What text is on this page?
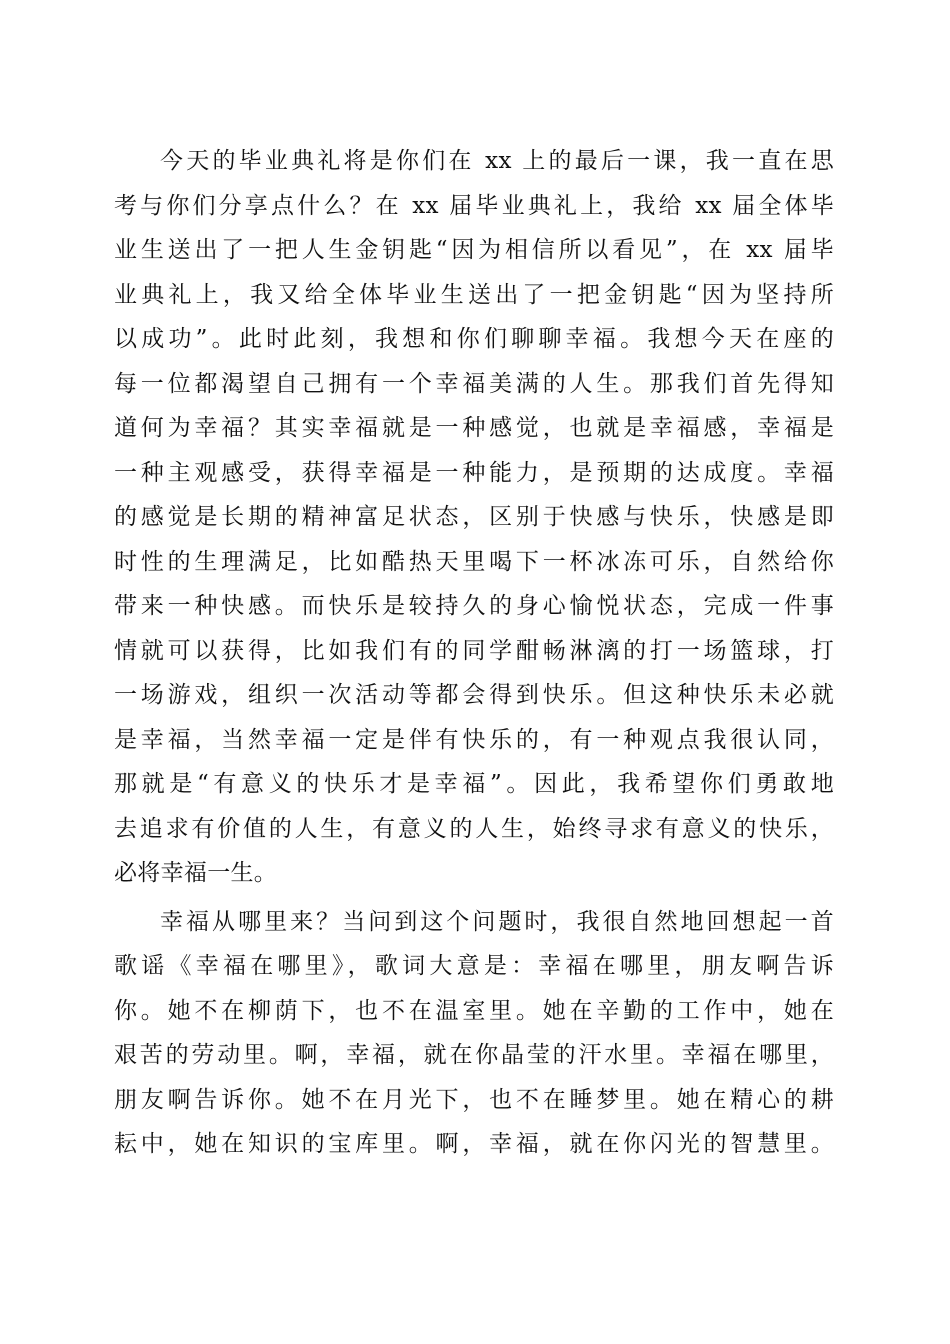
今天的毕业典礼将是你们在 xx 上的最后一课，我一直在思
考与你们分享点什么？在 xx 届毕业典礼上，我给 xx 届全体毕
业生送出了一把人生金钥匙“因为相信所以看见”，在 xx 届毕
业典礼上，我又给全体毕业生送出了一把金钥匙“因为坚持所
以成功”。此时此刻，我想和你们聊聊幸福。我想今天在座的
每一位都渴望自己拥有一个幸福美满的人生。那我们首先得知
道何为幸福？其实幸福就是一种感觉，也就是幸福感，幸福是
一种主观感受，获得幸福是一种能力，是预期的达成度。幸福
的感觉是长期的精神富足状态，区别于快感与快乐，快感是即
时性的生理满足，比如酷热天里喝下一杯冰冻可乐，自然给你
带来一种快感。而快乐是较持久的身心愉悦状态，完成一件事
情就可以获得，比如我们有的同学酣畅淋漓的打一场篮球，打
一场游戏，组织一次活动等都会得到快乐。但这种快乐未必就
是幸福，当然幸福一定是伴有快乐的，有一种观点我很认同，
那就是“有意义的快乐才是幸福”。因此，我希望你们勇敢地
去追求有价值的人生，有意义的人生，始终寻求有意义的快乐，
必将幸福一生。
幸福从哪里来？当问到这个问题时，我很自然地回想起一首
歌谣《幸福在哪里》，歌词大意是：幸福在哪里，朋友啊告诉
你。她不在柳荫下，也不在温室里。她在辛勤的工作中，她在
艰苦的劳动里。啊，幸福，就在你晶莹的汗水里。幸福在哪里，
朋友啊告诉你。她不在月光下，也不在睡梦里。她在精心的耕
耘中，她在知识的宝库里。啊，幸福，就在你闪光的智慧里。
